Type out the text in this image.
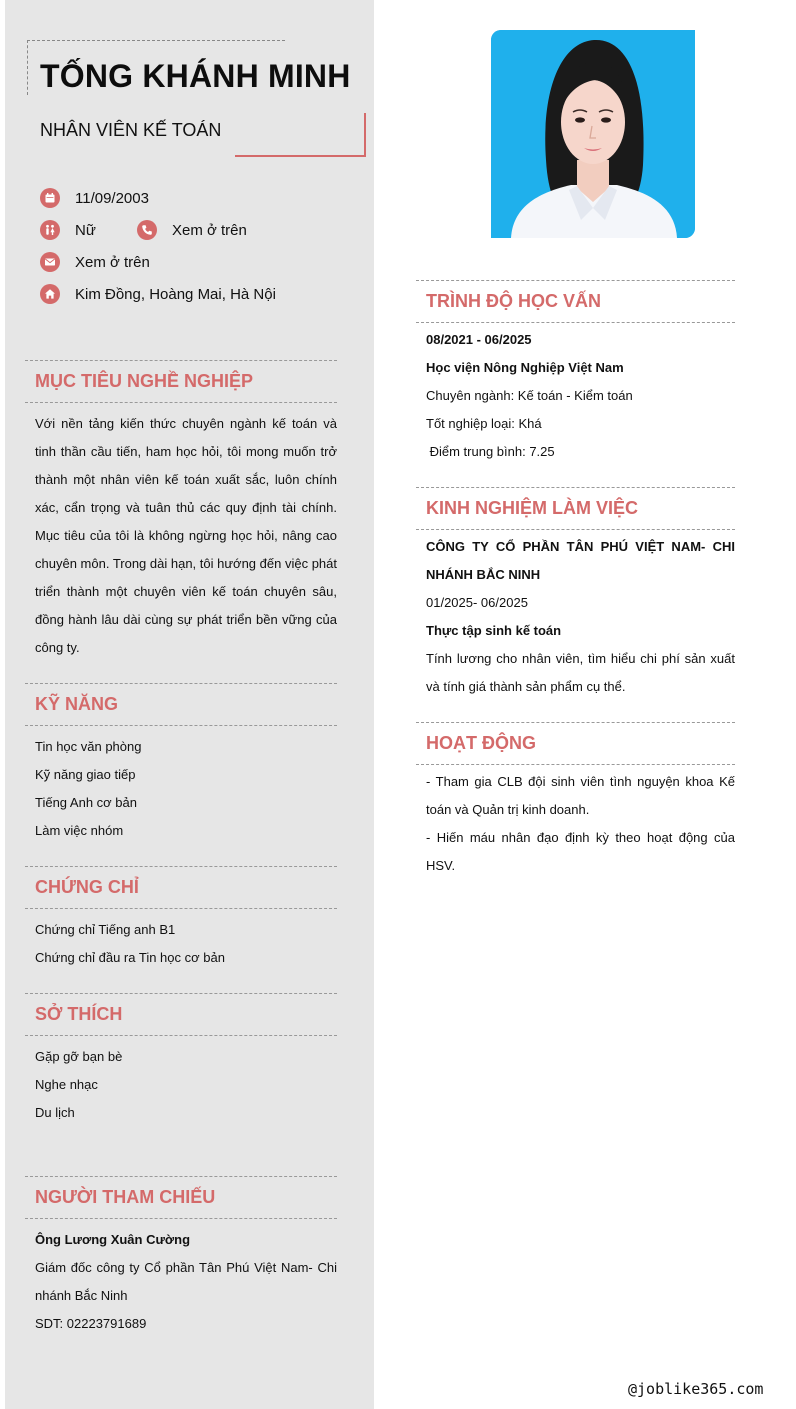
TỐNG KHÁNH MINH
NHÂN VIÊN KẾ TOÁN
11/09/2003
Nữ	Xem ở trên
Xem ở trên
Kim Đồng, Hoàng Mai, Hà Nội
MỤC TIÊU NGHỀ NGHIỆP
Với nền tảng kiến thức chuyên ngành kế toán và tinh thần cầu tiến, ham học hỏi, tôi mong muốn trở thành một nhân viên kế toán xuất sắc, luôn chính xác, cẩn trọng và tuân thủ các quy định tài chính. Mục tiêu của tôi là không ngừng học hỏi, nâng cao chuyên môn. Trong dài hạn, tôi hướng đến việc phát triển thành một chuyên viên kế toán chuyên sâu, đồng hành lâu dài cùng sự phát triển bền vững của công ty.
KỸ NĂNG
Tin học văn phòng
Kỹ năng giao tiếp
Tiếng Anh cơ bản
Làm việc nhóm
CHỨNG CHỈ
Chứng chỉ Tiếng anh B1
Chứng chỉ đầu ra Tin học cơ bản
SỞ THÍCH
Gặp gỡ bạn bè
Nghe nhạc
Du lịch
NGƯỜI THAM CHIẾU
Ông Lương Xuân Cường
Giám đốc công ty Cổ phần Tân Phú Việt Nam- Chi nhánh Bắc Ninh
SDT: 02223791689
TRÌNH ĐỘ HỌC VẤN
08/2021 - 06/2025
Học viện Nông Nghiệp Việt Nam
Chuyên ngành: Kế toán - Kiểm toán
Tốt nghiệp loại: Khá
Điểm trung bình: 7.25
KINH NGHIỆM LÀM VIỆC
CÔNG TY CỔ PHẦN TÂN PHÚ VIỆT NAM- CHI NHÁNH BẮC NINH
01/2025- 06/2025
Thực tập sinh kế toán
Tính lương cho nhân viên, tìm hiểu chi phí sản xuất và tính giá thành sản phẩm cụ thể.
HOẠT ĐỘNG
- Tham gia CLB đội sinh viên tình nguyện khoa Kế toán và Quản trị kinh doanh.
- Hiến máu nhân đạo định kỳ theo hoạt động của HSV.
@joblike365.com
